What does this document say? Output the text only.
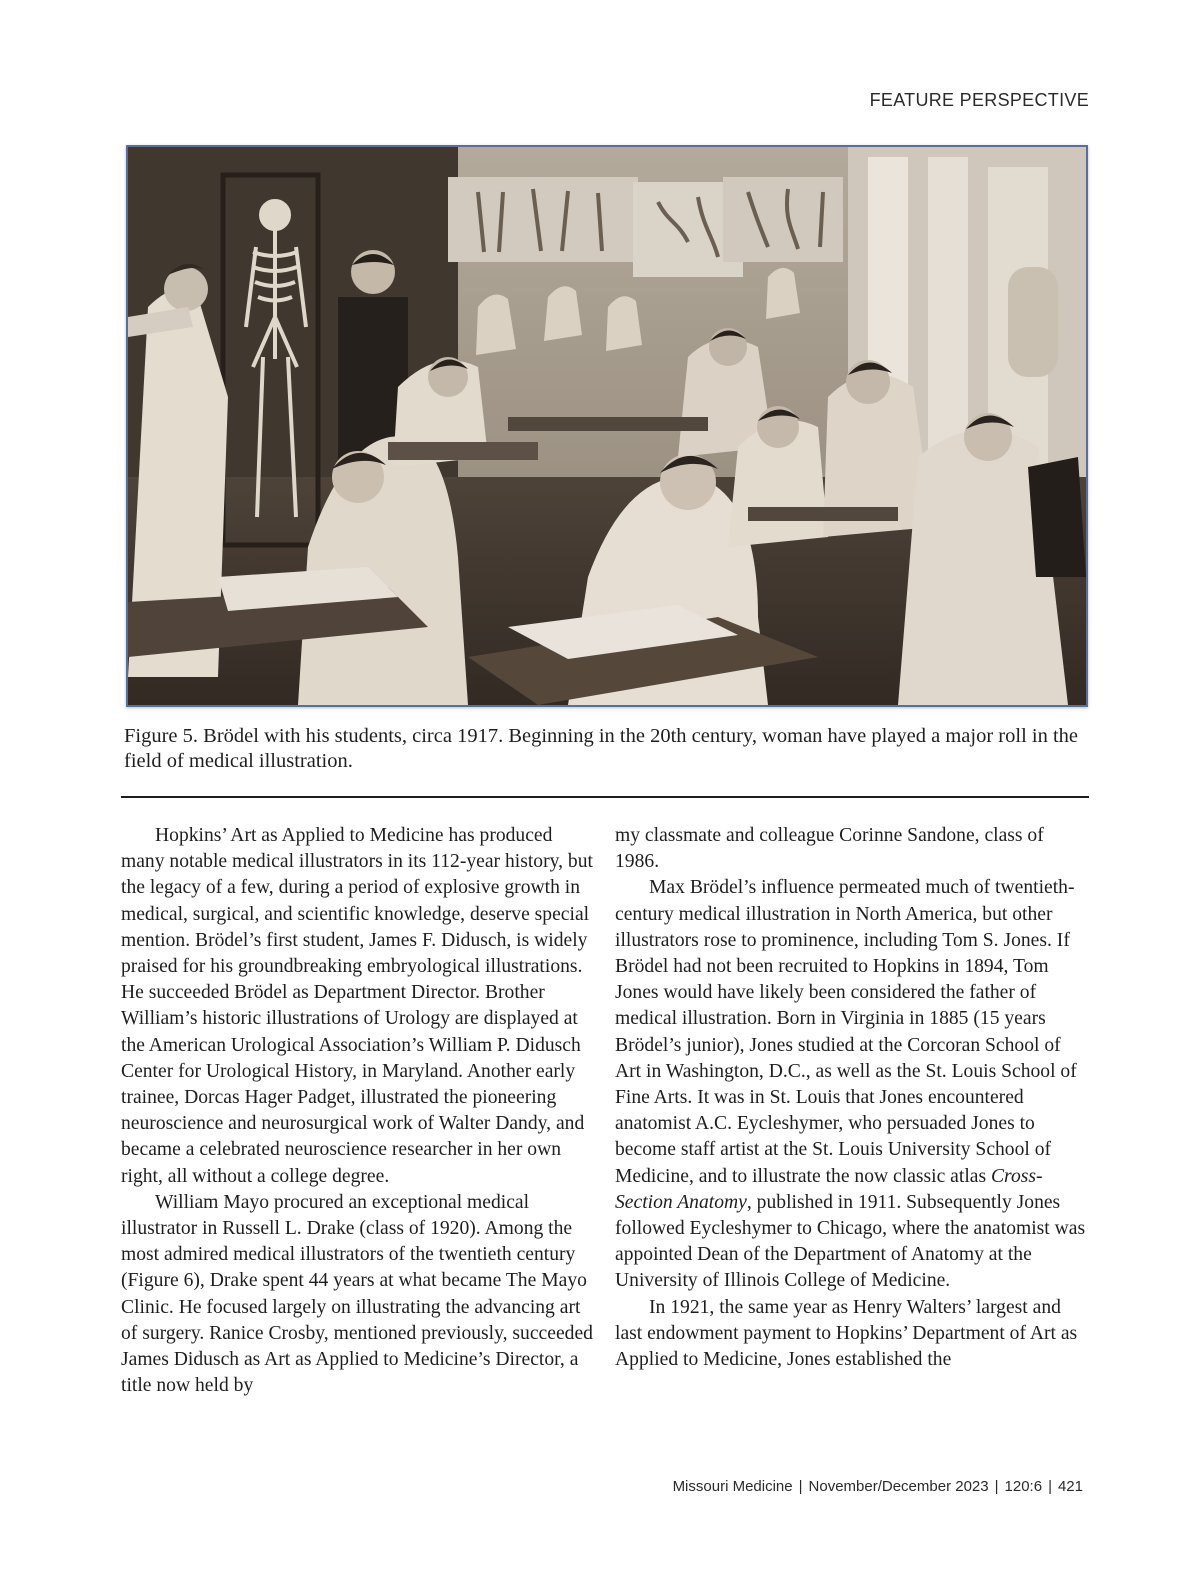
FEATURE PERSPECTIVE
Figure 5. Brödel with his students, circa 1917. Beginning in the 20th century, woman have played a major roll in the field of medical illustration.

Hopkins’ Art as Applied to Medicine has produced many notable medical illustrators in its 112-year history, but the legacy of a few, during a period of explosive growth in medical, surgical, and scientific knowledge, deserve special mention. Brödel’s first student, James F. Didusch, is widely praised for his groundbreaking embryological illustrations. He succeeded Brödel as Department Director. Brother William’s historic illustrations of Urology are displayed at the American Urological Association’s William P. Didusch Center for Urological History, in Maryland. Another early trainee, Dorcas Hager Padget, illustrated the pioneering neuroscience and neurosurgical work of Walter Dandy, and became a celebrated neuroscience researcher in her own right, all without a college degree.

William Mayo procured an exceptional medical illustrator in Russell L. Drake (class of 1920). Among the most admired medical illustrators of the twentieth century (Figure 6), Drake spent 44 years at what became The Mayo Clinic. He focused largely on illustrating the advancing art of surgery. Ranice Crosby, mentioned previously, succeeded James Didusch as Art as Applied to Medicine’s Director, a title now held by

my classmate and colleague Corinne Sandone, class of 1986.

Max Brödel’s influence permeated much of twentieth-century medical illustration in North America, but other illustrators rose to prominence, including Tom S. Jones. If Brödel had not been recruited to Hopkins in 1894, Tom Jones would have likely been considered the father of medical illustration. Born in Virginia in 1885 (15 years Brödel’s junior), Jones studied at the Corcoran School of Art in Washington, D.C., as well as the St. Louis School of Fine Arts. It was in St. Louis that Jones encountered anatomist A.C. Eycleshymer, who persuaded Jones to become staff artist at the St. Louis University School of Medicine, and to illustrate the now classic atlas Cross-Section Anatomy, published in 1911. Subsequently Jones followed Eycleshymer to Chicago, where the anatomist was appointed Dean of the Department of Anatomy at the University of Illinois College of Medicine.

In 1921, the same year as Henry Walters’ largest and last endowment payment to Hopkins’ Department of Art as Applied to Medicine, Jones established the

Missouri Medicine | November/December 2023 | 120:6 | 421
